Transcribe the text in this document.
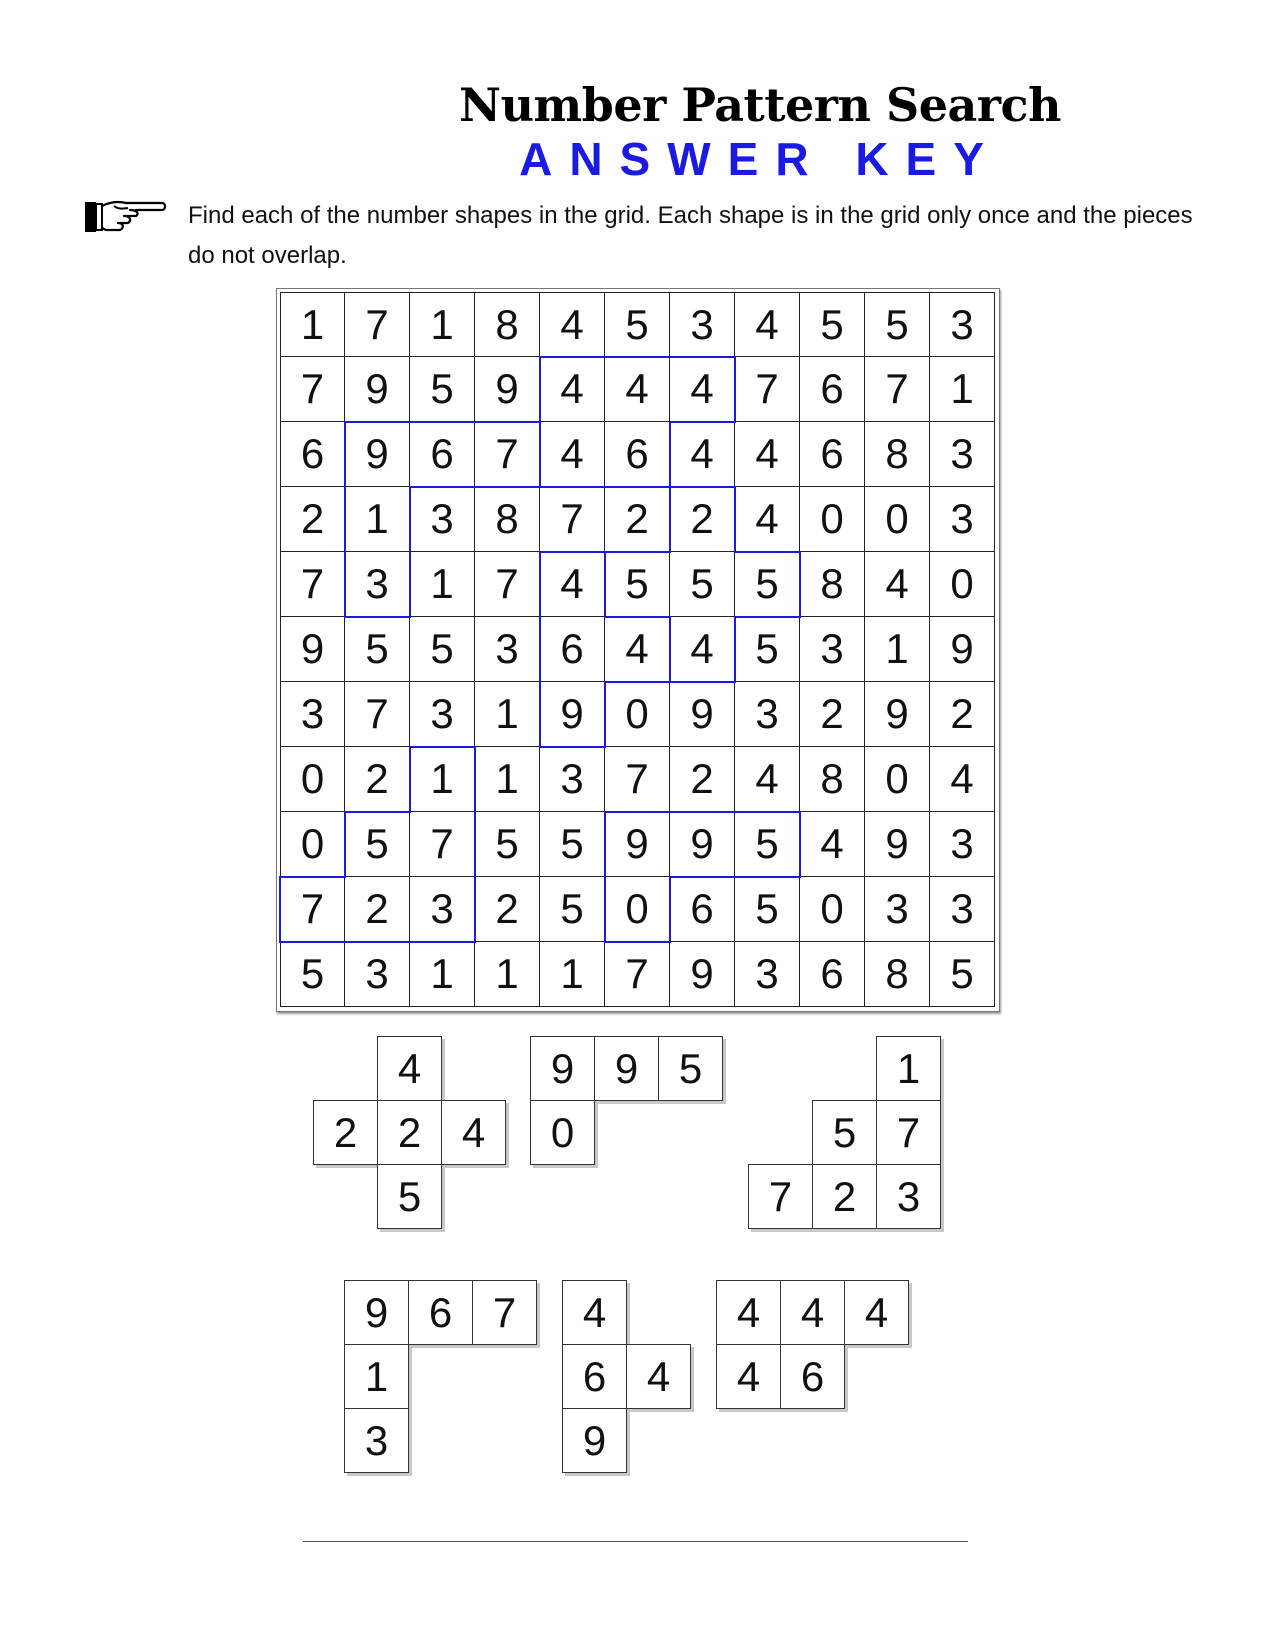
Number Pattern Search
ANSWER KEY
Find each of the number shapes in the grid. Each shape is in the grid only once and the pieces do not overlap.
1 7 1 8 4 5 3 4 5 5 3
7 9 5 9 4 4 4 7 6 7 1
6 9 6 7 4 6 4 4 6 8 3
2 1 3 8 7 2 2 4 0 0 3
7 3 1 7 4 5 5 5 8 4 0
9 5 5 3 6 4 4 5 3 1 9
3 7 3 1 9 0 9 3 2 9 2
0 2 1 1 3 7 2 4 8 0 4
0 5 7 5 5 9 9 5 4 9 3
7 2 3 2 5 0 6 5 0 3 3
5 3 1 1 1 7 9 3 6 8 5
4
2 2 4
5
9 9 5
0
1
5 7
7 2 3
9 6 7
1
3
4
6 4
9
4 4 4
4 6
